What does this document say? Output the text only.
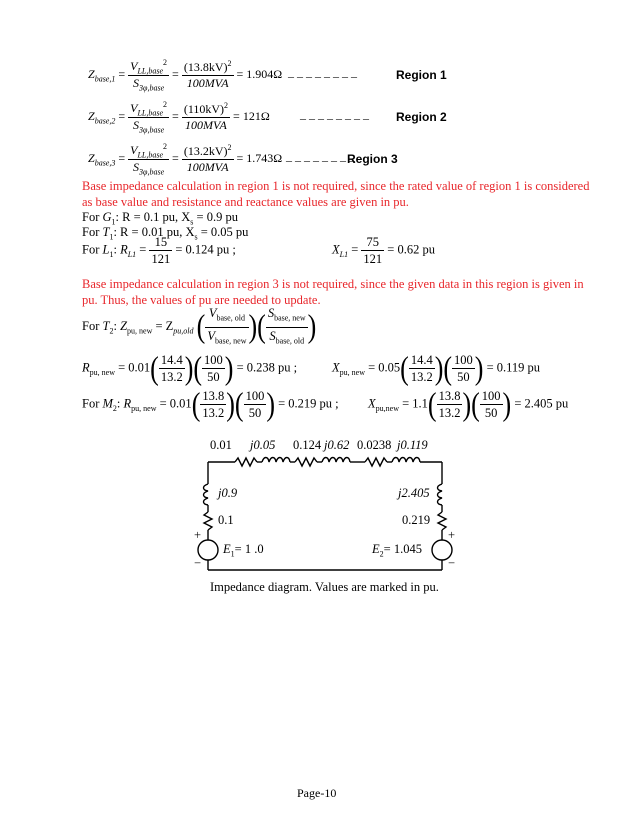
$Z_{base,1} = \frac{V_{LL,base}^2}{S_{3\varphi,base}} = \frac{(13.8kV)^2}{\text{100MVA}} = 1.904\Omega$ – – – – – – – –	Region 1
$Z_{base,2} = \frac{V_{LL,base}^2}{S_{3\varphi,base}} = \frac{(110kV)^2}{\text{100MVA}} = 121\Omega$	– – – – – – – – Region 2
$Z_{base,3} = \frac{V_{LL,base}^2}{S_{3\varphi,base}} = \frac{(13.2kV)^2}{\text{100MVA}} = 1.743\Omega$ – – – – – – – –
Region 3
Base impedance calculation in region 1 is not required, since the rated value of region 1 is considered
as base value and resistance and reactance values are given in pu.
For $G_1$: R = 0.1 pu, $X_s = 0.9$ pu
For $T_1$: R = 0.01 pu, $X_s = 0.05$ pu
For $L_1$: $R_{L1} = \frac{15}{121} = 0.124$ pu ;	$X_{L1} = \frac{75}{121} = 0.62$ pu
Base impedance calculation in region 3 is not required, since the given data in this region is given in
pu. Thus, the values of pu are needed to update.
For $T_2$: $Z_{pu, new} = Z_{pu,old}$ ( $\frac{V_{base, old}}{V_{base, new}}$ )( $\frac{S_{base, new}}{S_{base, old}}$ )
$R_{pu, new} = 0.01( \frac{14.4}{13.2}$ )( $\frac{100}{50}$ ) = 0.238 pu ;	$X_{pu, new} = 0.05( \frac{14.4}{13.2}$ )( $\frac{100}{50}$ ) = 0.119 pu
For $M_2$: $R_{pu, new} = 0.01( \frac{13.8}{13.2}$ )( $\frac{100}{50}$ ) = 0.219 pu ; $X_{pu,new} = 1.1( \frac{13.8}{13.2}$ )( $\frac{100}{50}$ ) = 2.405 pu
0.01 j0.05 0.124 j0.62 0.0238 j0.119
j0.9
0.1
j2.405
0.219
$E_1= 1$ .0	$E_2= 1.045$
+
−
+
−
Impedance diagram. Values are marked in pu.
Page-10
